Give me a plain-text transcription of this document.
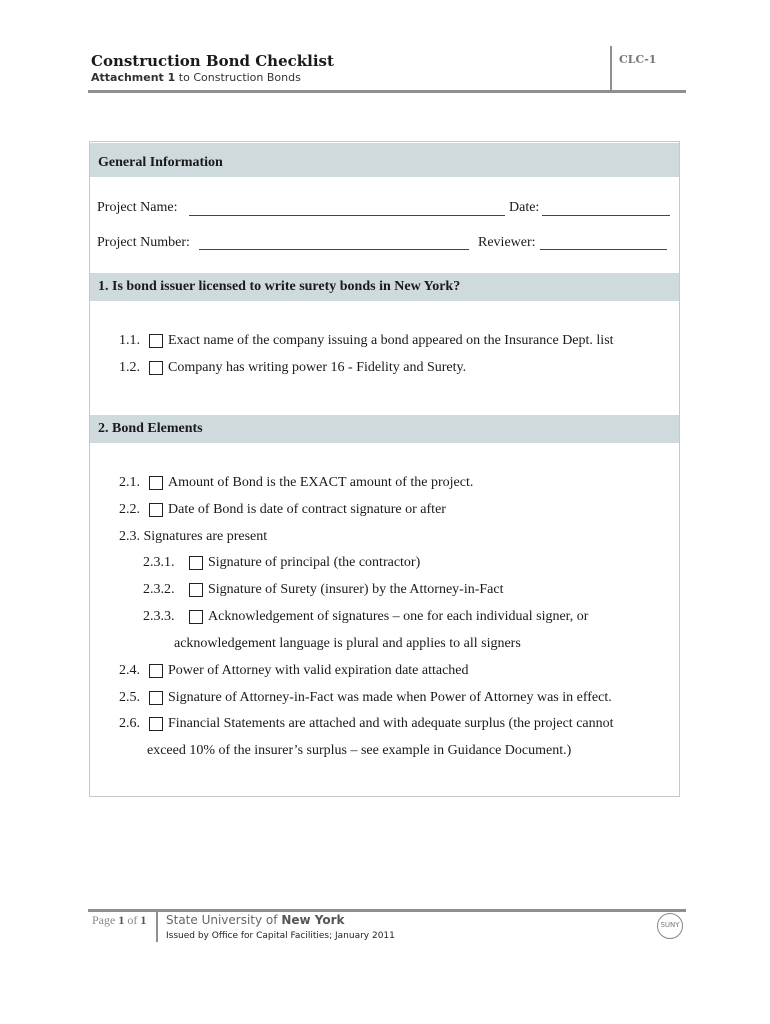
Construction Bond Checklist
Attachment 1 to Construction Bonds
CLC-1
General Information
Project Name:	Date:
Project Number:	Reviewer:
1. Is bond issuer licensed to write surety bonds in New York?
1.1. Exact name of the company issuing a bond appeared on the Insurance Dept. list
1.2. Company has writing power 16 - Fidelity and Surety.
2. Bond Elements
2.1. Amount of Bond is the EXACT amount of the project.
2.2. Date of Bond is date of contract signature or after
2.3. Signatures are present
2.3.1. Signature of principal (the contractor)
2.3.2. Signature of Surety (insurer) by the Attorney-in-Fact
2.3.3. Acknowledgement of signatures – one for each individual signer, or
acknowledgement language is plural and applies to all signers
2.4. Power of Attorney with valid expiration date attached
2.5. Signature of Attorney-in-Fact was made when Power of Attorney was in effect.
2.6. Financial Statements are attached and with adequate surplus (the project cannot
exceed 10% of the insurer’s surplus – see example in Guidance Document.)
Page 1 of 1 State University of New York
Issued by Office for Capital Facilities; January 2011
SUNY
